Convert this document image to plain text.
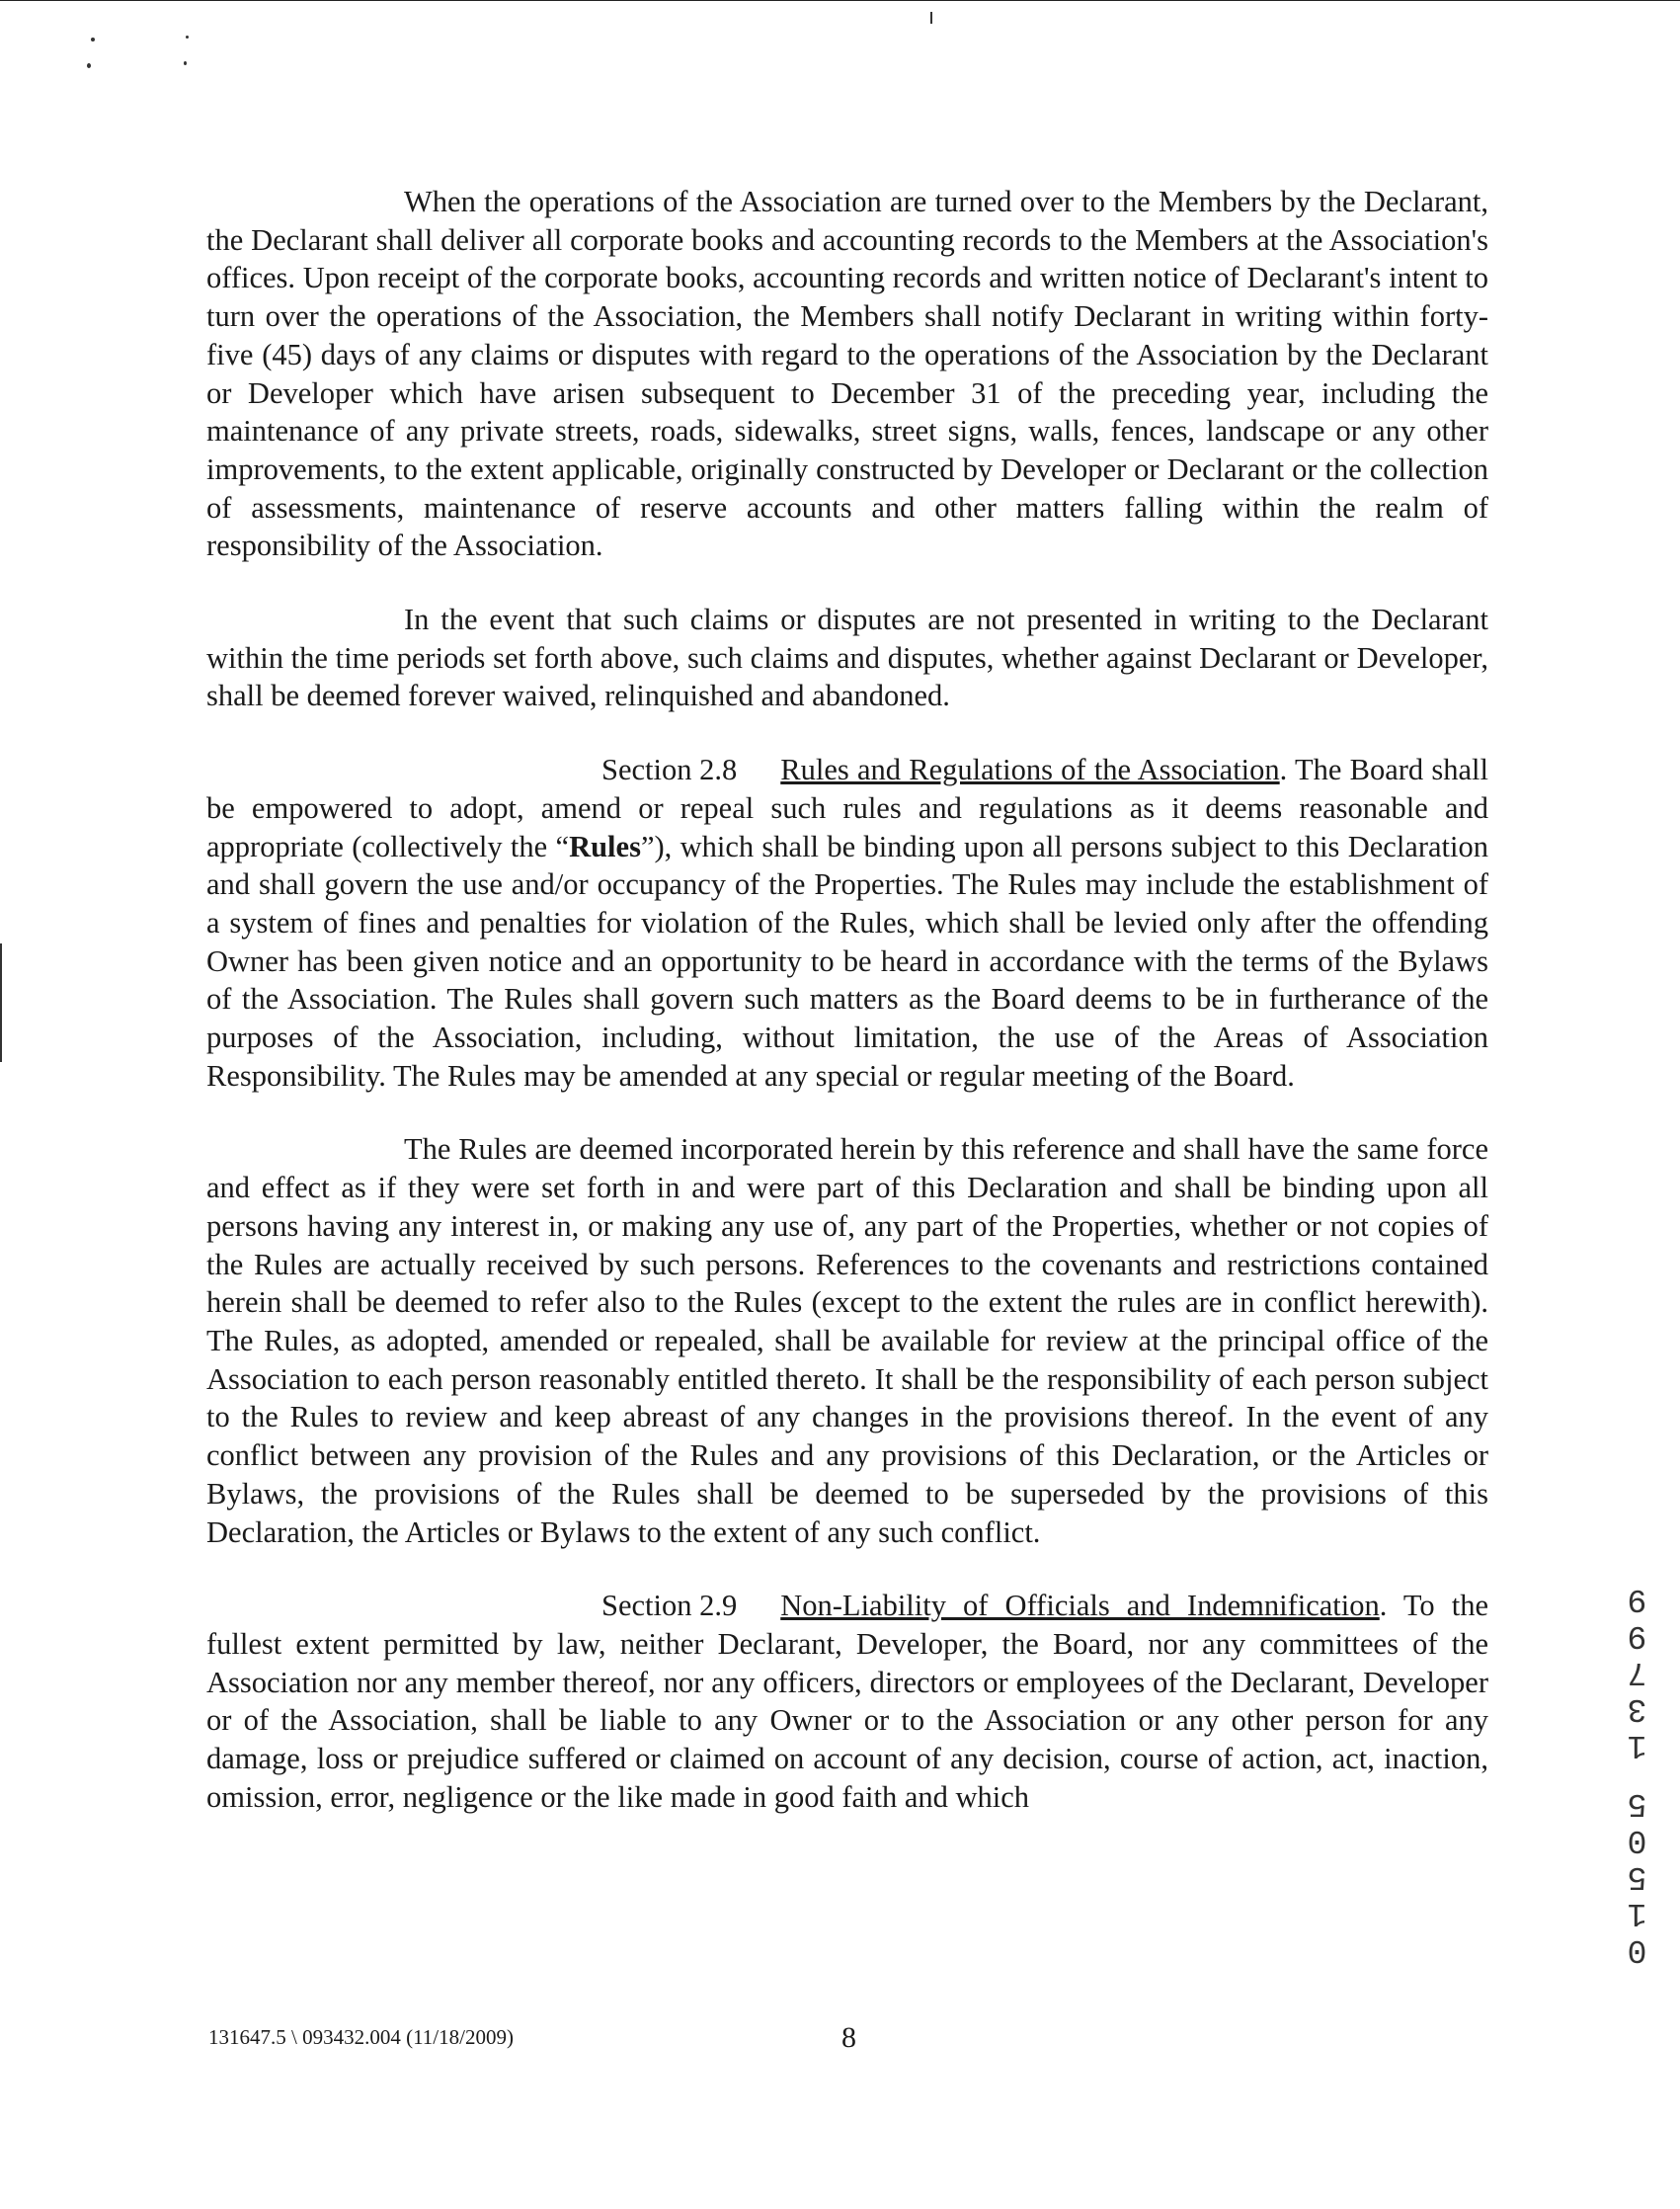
When the operations of the Association are turned over to the Members by the Declarant, the Declarant shall deliver all corporate books and accounting records to the Members at the Association's offices. Upon receipt of the corporate books, accounting records and written notice of Declarant's intent to turn over the operations of the Association, the Members shall notify Declarant in writing within forty-five (45) days of any claims or disputes with regard to the operations of the Association by the Declarant or Developer which have arisen subsequent to December 31 of the preceding year, including the maintenance of any private streets, roads, sidewalks, street signs, walls, fences, landscape or any other improvements, to the extent applicable, originally constructed by Developer or Declarant or the collection of assessments, maintenance of reserve accounts and other matters falling within the realm of responsibility of the Association.

In the event that such claims or disputes are not presented in writing to the Declarant within the time periods set forth above, such claims and disputes, whether against Declarant or Developer, shall be deemed forever waived, relinquished and abandoned.

Section 2.8 Rules and Regulations of the Association. The Board shall be empowered to adopt, amend or repeal such rules and regulations as it deems reasonable and appropriate (collectively the “Rules”), which shall be binding upon all persons subject to this Declaration and shall govern the use and/or occupancy of the Properties. The Rules may include the establishment of a system of fines and penalties for violation of the Rules, which shall be levied only after the offending Owner has been given notice and an opportunity to be heard in accordance with the terms of the Bylaws of the Association. The Rules shall govern such matters as the Board deems to be in furtherance of the purposes of the Association, including, without limitation, the use of the Areas of Association Responsibility. The Rules may be amended at any special or regular meeting of the Board.

The Rules are deemed incorporated herein by this reference and shall have the same force and effect as if they were set forth in and were part of this Declaration and shall be binding upon all persons having any interest in, or making any use of, any part of the Properties, whether or not copies of the Rules are actually received by such persons. References to the covenants and restrictions contained herein shall be deemed to refer also to the Rules (except to the extent the rules are in conflict herewith). The Rules, as adopted, amended or repealed, shall be available for review at the principal office of the Association to each person reasonably entitled thereto. It shall be the responsibility of each person subject to the Rules to review and keep abreast of any changes in the provisions thereof. In the event of any conflict between any provision of the Rules and any provisions of this Declaration, or the Articles or Bylaws, the provisions of the Rules shall be deemed to be superseded by the provisions of this Declaration, the Articles or Bylaws to the extent of any such conflict.

Section 2.9 Non-Liability of Officials and Indemnification. To the fullest extent permitted by law, neither Declarant, Developer, the Board, nor any committees of the Association nor any member thereof, nor any officers, directors or employees of the Declarant, Developer or of the Association, shall be liable to any Owner or to the Association or any other person for any damage, loss or prejudice suffered or claimed on account of any decision, course of action, act, inaction, omission, error, negligence or the like made in good faith and which	01505
13799
131647.5 \ 093432.004 (11/18/2009)	8
